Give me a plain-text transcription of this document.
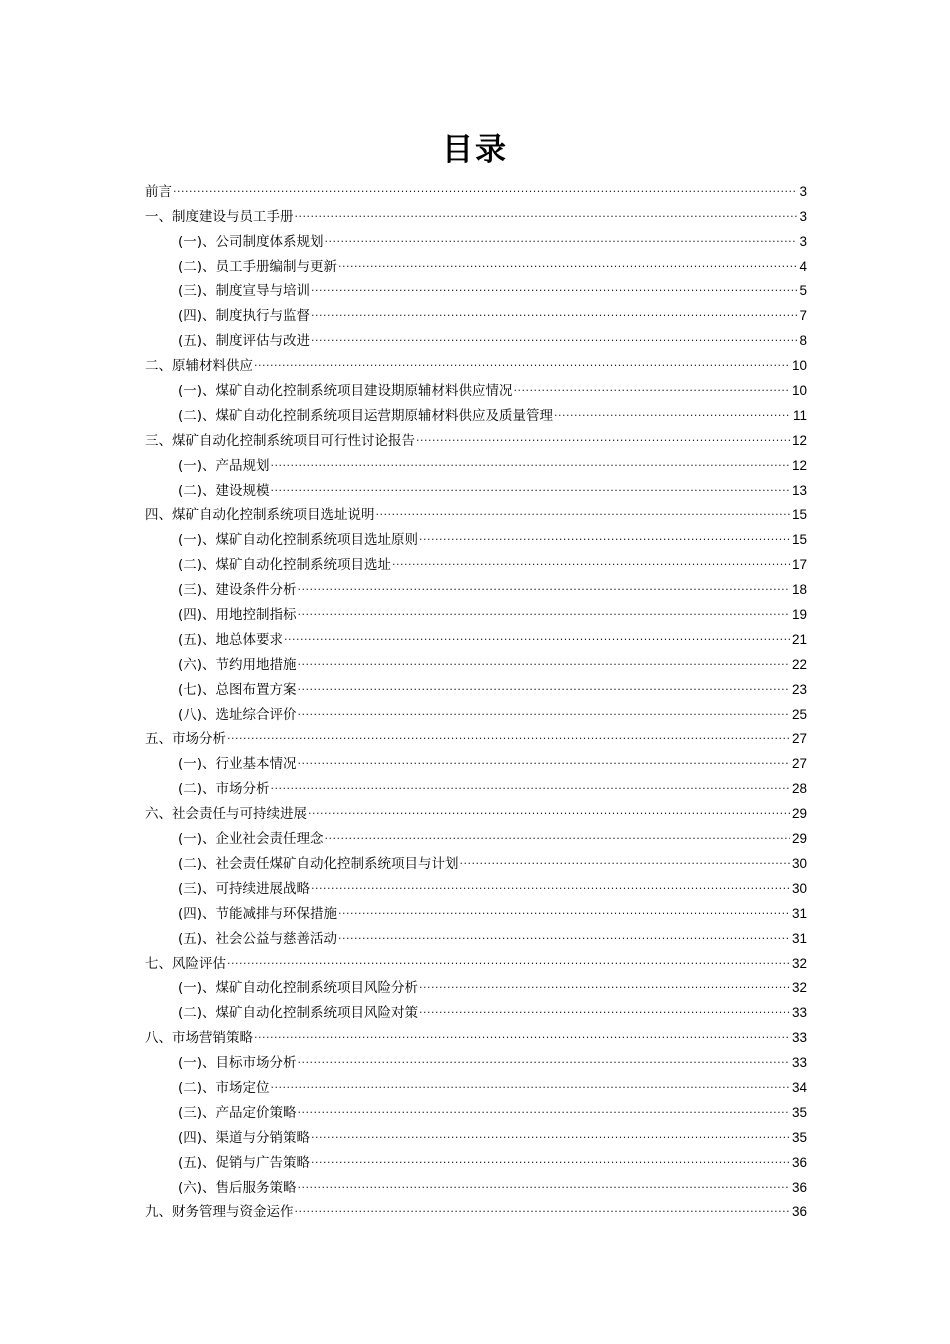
目录
前言 .....	3
一、制度建设与员工手册 .....	3
(一)、公司制度体系规划 .....	3
(二)、员工手册编制与更新 .....	4
(三)、制度宣导与培训 .....	5
(四)、制度执行与监督 .....	7
(五)、制度评估与改进 .....	8
二、原辅材料供应 .....	10
(一)、煤矿自动化控制系统项目建设期原辅材料供应情况 .....	10
(二)、煤矿自动化控制系统项目运营期原辅材料供应及质量管理 .....	11
三、煤矿自动化控制系统项目可行性讨论报告 .....	12
(一)、产品规划 .....	12
(二)、建设规模 .....	13
四、煤矿自动化控制系统项目选址说明 .....	15
(一)、煤矿自动化控制系统项目选址原则 .....	15
(二)、煤矿自动化控制系统项目选址 .....	17
(三)、建设条件分析 .....	18
(四)、用地控制指标 .....	19
(五)、地总体要求 .....	21
(六)、节约用地措施 .....	22
(七)、总图布置方案 .....	23
(八)、选址综合评价 .....	25
五、市场分析 .....	27
(一)、行业基本情况 .....	27
(二)、市场分析 .....	28
六、社会责任与可持续进展 .....	29
(一)、企业社会责任理念 .....	29
(二)、社会责任煤矿自动化控制系统项目与计划 .....	30
(三)、可持续进展战略 .....	30
(四)、节能减排与环保措施 .....	31
(五)、社会公益与慈善活动 .....	31
七、风险评估 .....	32
(一)、煤矿自动化控制系统项目风险分析 .....	32
(二)、煤矿自动化控制系统项目风险对策 .....	33
八、市场营销策略 .....	33
(一)、目标市场分析 .....	33
(二)、市场定位 .....	34
(三)、产品定价策略 .....	35
(四)、渠道与分销策略 .....	35
(五)、促销与广告策略 .....	36
(六)、售后服务策略 .....	36
九、财务管理与资金运作 .....	36
